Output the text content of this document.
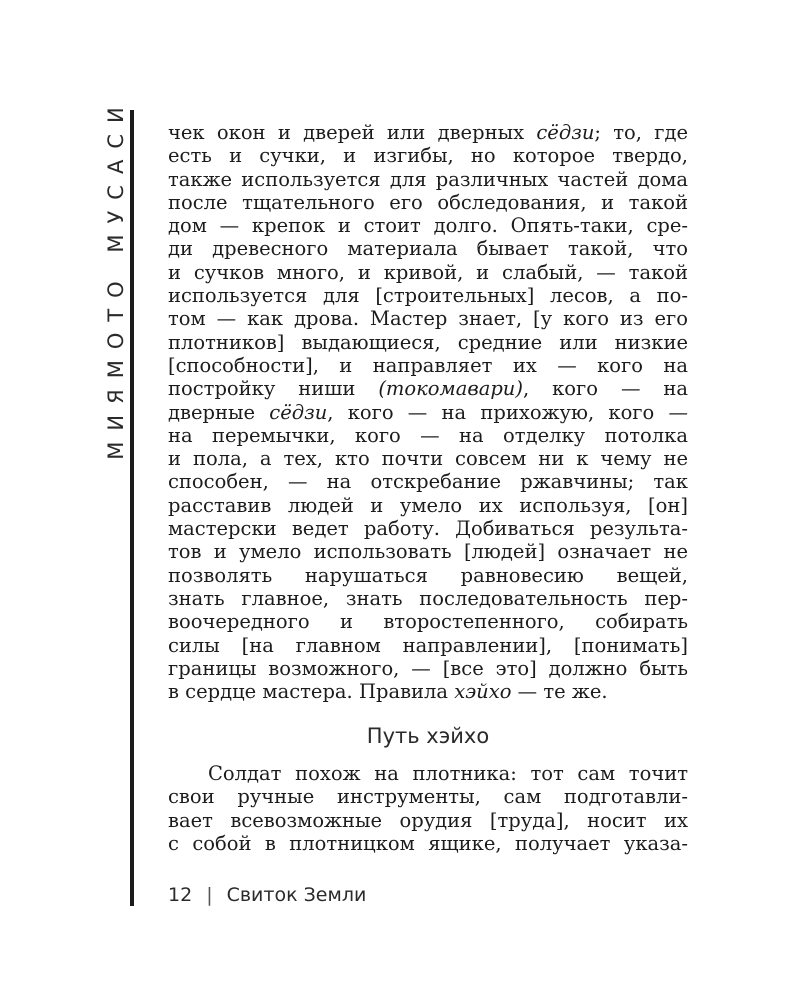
МИЯМОТО МУСАСИ чек окон и дверей или дверных сёдзи; то, где
есть и сучки, и изгибы, но которое твердо,
также используется для различных частей дома
после тщательного его обследования, и такой
дом — крепок и стоит долго. Опять-таки, сре-
ди древесного материала бывает такой, что
и сучков много, и кривой, и слабый, — такой
используется для [строительных] лесов, а по-
том — как дрова. Мастер знает, [у кого из его
плотников] выдающиеся, средние или низкие
[способности], и направляет их — кого на
постройку ниши (токомавари), кого — на
дверные сёдзи, кого — на прихожую, кого —
на перемычки, кого — на отделку потолка
и пола, а тех, кто почти совсем ни к чему не
способен, — на отскребание ржавчины; так
расставив людей и умело их используя, [он]
мастерски ведет работу. Добиваться результа-
тов и умело использовать [людей] означает не
позволять нарушаться равновесию вещей,
знать главное, знать последовательность пер-
воочередного и второстепенного, собирать
силы [на главном направлении], [понимать]
границы возможного, — [все это] должно быть
в сердце мастера. Правила хэйхо — те же.
Путь хэйхо
Солдат похож на плотника: тот сам точит
свои ручные инструменты, сам подготавли-
вает всевозможные орудия [труда], носит их
с собой в плотницком ящике, получает указа-
12 | Свиток Земли
